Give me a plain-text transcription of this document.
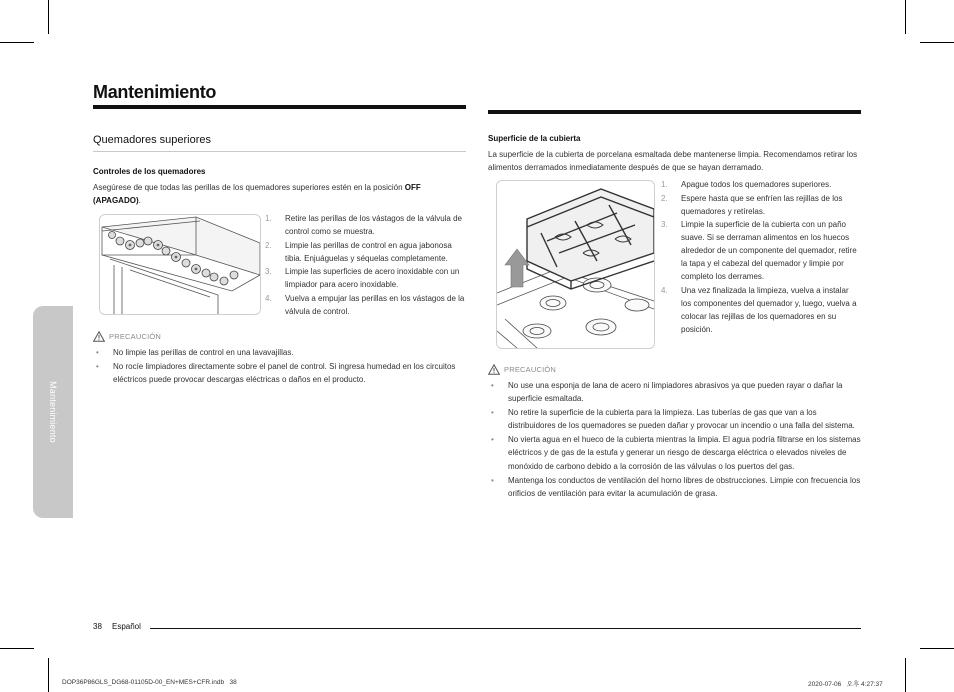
Mantenimiento
Mantenimiento
Quemadores superiores
Controles de los quemadores
Asegúrese de que todas las perillas de los quemadores superiores estén en la posición OFF (APAGADO).
1. Retire las perillas de los vástagos de la válvula de control como se muestra.
2. Limpie las perillas de control en agua jabonosa tibia. Enjuáguelas y séquelas completamente.
3. Limpie las superficies de acero inoxidable con un limpiador para acero inoxidable.
4. Vuelva a empujar las perillas en los vástagos de la válvula de control.
PRECAUCIÓN
• No limpie las perillas de control en una lavavajillas.
• No rocíe limpiadores directamente sobre el panel de control. Si ingresa humedad en los circuitos eléctricos puede provocar descargas eléctricas o daños en el producto.
Superficie de la cubierta
La superficie de la cubierta de porcelana esmaltada debe mantenerse limpia. Recomendamos retirar los alimentos derramados inmediatamente después de que se hayan derramado.
1. Apague todos los quemadores superiores.
2. Espere hasta que se enfríen las rejillas de los quemadores y retírelas.
3. Limpie la superficie de la cubierta con un paño suave. Si se derraman alimentos en los huecos alrededor de un componente del quemador, retire la tapa y el cabezal del quemador y limpie por completo los derrames.
4. Una vez finalizada la limpieza, vuelva a instalar los componentes del quemador y, luego, vuelva a colocar las rejillas de los quemadores en su posición.
PRECAUCIÓN
• No use una esponja de lana de acero ni limpiadores abrasivos ya que pueden rayar o dañar la superficie esmaltada.
• No retire la superficie de la cubierta para la limpieza. Las tuberías de gas que van a los distribuidores de los quemadores se pueden dañar y provocar un incendio o una falla del sistema.
• No vierta agua en el hueco de la cubierta mientras la limpia. El agua podría filtrarse en los sistemas eléctricos y de gas de la estufa y generar un riesgo de descarga eléctrica o elevados niveles de monóxido de carbono debido a la corrosión de las válvulas o los puertos del gas.
• Mantenga los conductos de ventilación del horno libres de obstrucciones. Limpie con frecuencia los orificios de ventilación para evitar la acumulación de grasa.
38 Español
DOP36P86GLS_DG68-01105D-00_EN+MES+CFR.indb   38	2020-07-06   오후 4:27:37
